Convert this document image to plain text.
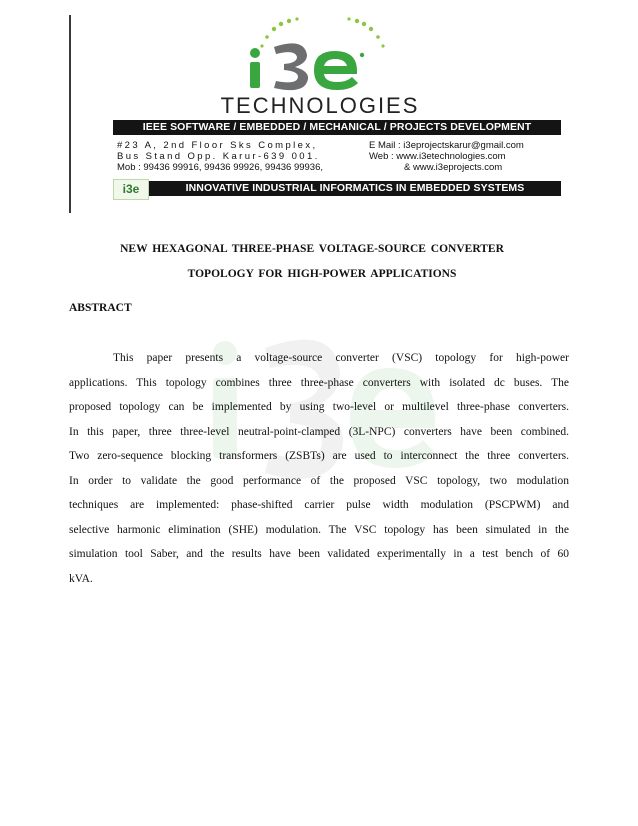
TECHNOLOGIES
IEEE SOFTWARE / EMBEDDED / MECHANICAL / PROJECTS DEVELOPMENT
#23 A, 2nd Floor Sks Complex,
Bus Stand Opp. Karur-639 001.
Mob : 99436 99916, 99436 99926, 99436 99936,
E Mail : i3eprojectskarur@gmail.com
Web : www.i3etechnologies.com
& www.i3eprojects.com
i3e	INNOVATIVE INDUSTRIAL INFORMATICS IN EMBEDDED SYSTEMS
NEW HEXAGONAL THREE-PHASE VOLTAGE-SOURCE CONVERTER
TOPOLOGY FOR HIGH-POWER APPLICATIONS
ABSTRACT
This paper presents a voltage-source converter (VSC) topology for high-power
applications. This topology combines three three-phase converters with isolated dc buses. The
proposed topology can be implemented by using two-level or multilevel three-phase converters.
In this paper, three three-level neutral-point-clamped (3L-NPC) converters have been combined.
Two zero-sequence blocking transformers (ZSBTs) are used to interconnect the three converters.
In order to validate the good performance of the proposed VSC topology, two modulation
techniques are implemented: phase-shifted carrier pulse width modulation (PSCPWM) and
selective harmonic elimination (SHE) modulation. The VSC topology has been simulated in the
simulation tool Saber, and the results have been validated experimentally in a test bench of 60
kVA.
